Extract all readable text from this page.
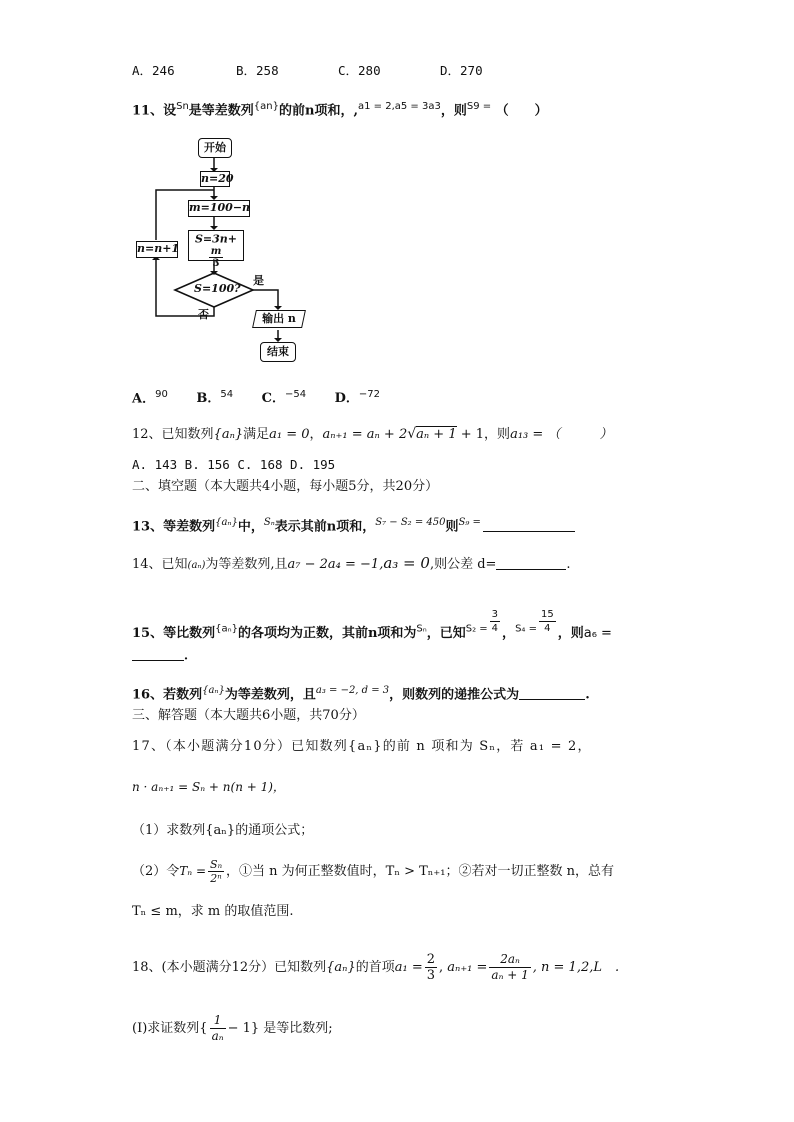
A．246	B．258	C．280	D．270
11、设$^{Sn}$是等差数列$^{\{an\}}$的前n项和，,$^{a1 = 2,a5 = 3a3}$，则$^{S9 =}$ （　　）
开始
n=20
m=100−n
S=3n+
$\frac{m}{3}$
S=100?
是
否	输出 n
结束
n=n+1
A．$^{90}$ B．$^{54}$ C．$^{-54}$ D．$^{-72}$
12、已知数列{aₙ}满足a₁ = 0，aₙ₊₁ = aₙ + 2√aₙ + 1 + 1，则a₁₃ = （　　　）
A. 143 B. 156 C. 168 D. 195
二、填空题（本大题共4小题，每小题5分，共20分）
13、等差数列$^{\{a_n\}}$中，$^{S_n}$表示其前n项和，$^{S_7 - S_2 = 450}$则$^{S_9 =}$
14、已知(aₙ)为等差数列,且a₇ − 2a₄ = −1,a₃ = 0,则公差 d=	.
15、等比数列$^{\{a_n\}}$的各项均为正数，其前n项和为$^{S_n}$，已知$^{S_2 =} \frac{3}{4}$ ，$^{S_4 =} \frac{15}{4}$ ，则a₆ =
．
16、若数列$^{\{a_n\}}$为等差数列，且$^{a_3 = -2, d = 3}$，则数列的递推公式为	.
三、解答题（本大题共6小题，共70分）
17、（本小题满分10分）已知数列{aₙ}的前 n 项和为 Sₙ，若 a₁ = 2，
n · aₙ₊₁ = Sₙ + n(n + 1)，
（1）求数列{aₙ}的通项公式；
（2）令$T_n = \frac{\text{Sₙ}}{\text{2ⁿ}}$ ，①当 n 为何正整数值时，Tₙ > Tₙ₊₁；②若对一切正整数 n，总有
Tₙ ≤ m，求 m 的取值范围.
18、(本小题满分12分）已知数列{aₙ}的首项$a_1 = \frac{2}{3}$ , $a_{n+1} = \frac{\text{2aₙ}}{\text{aₙ + 1}}$ , n = 1,2,L　.
(Ⅰ)求证数列{ $\frac{1}{\text{aₙ}} - 1$} 是等比数列;
